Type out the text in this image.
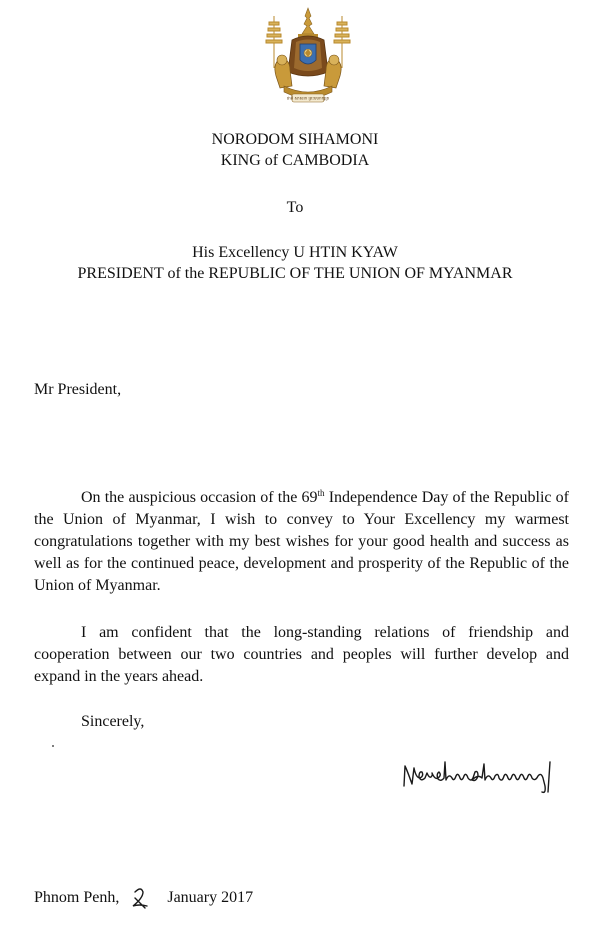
ជាតិ សាសនា ព្រះមហាក្សត្រ
NORODOM SIHAMONI
KING of CAMBODIA
To
His Excellency U HTIN KYAW
PRESIDENT of the REPUBLIC OF THE UNION OF MYANMAR
Mr President,
On the auspicious occasion of the 69th Independence Day of the Republic of the Union of Myanmar, I wish to convey to Your Excellency my warmest congratulations together with my best wishes for your good health and success as well as for the continued peace, development and prosperity of the Republic of the Union of Myanmar.
I am confident that the long-standing relations of friendship and cooperation between our two countries and peoples will further develop and expand in the years ahead.
Sincerely,
Phnom Penh,	January 2017
